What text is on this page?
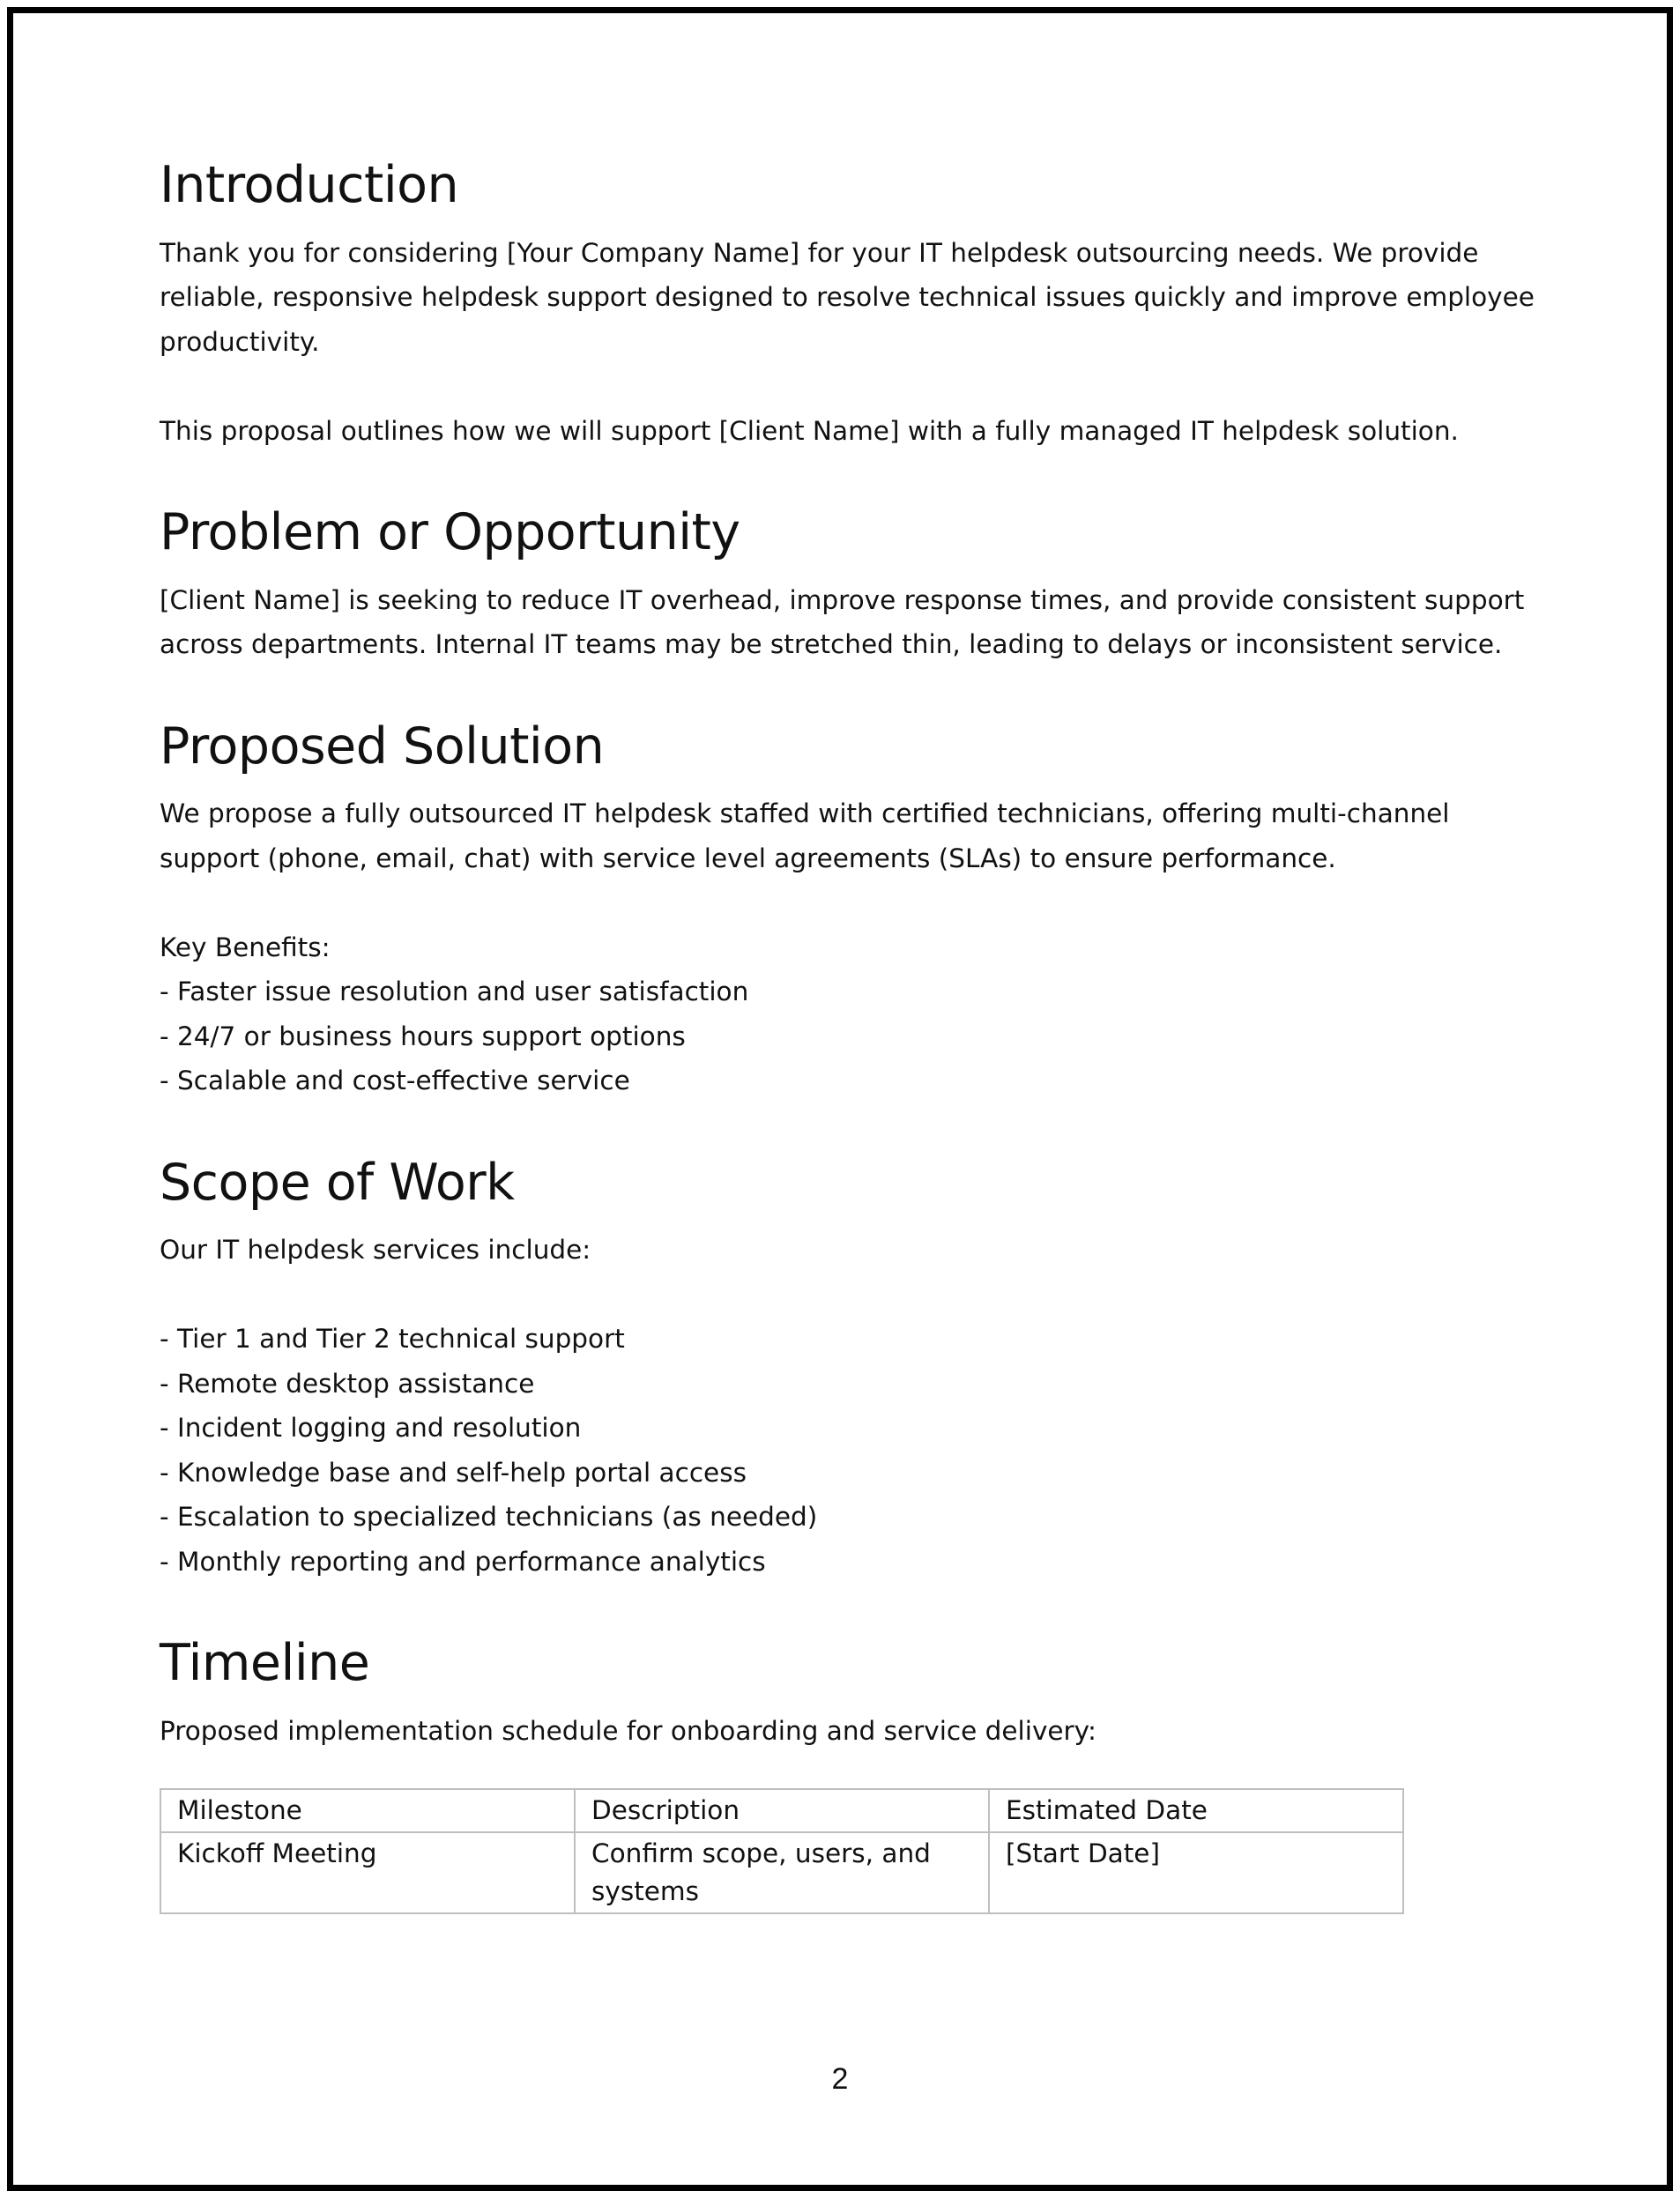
Introduction

Thank you for considering [Your Company Name] for your IT helpdesk outsourcing needs. We provide reliable, responsive helpdesk support designed to resolve technical issues quickly and improve employee productivity.

This proposal outlines how we will support [Client Name] with a fully managed IT helpdesk solution.

Problem or Opportunity

[Client Name] is seeking to reduce IT overhead, improve response times, and provide consistent support across departments. Internal IT teams may be stretched thin, leading to delays or inconsistent service.

Proposed Solution

We propose a fully outsourced IT helpdesk staffed with certified technicians, offering multi-channel support (phone, email, chat) with service level agreements (SLAs) to ensure performance.

Key Benefits:

- Faster issue resolution and user satisfaction
- 24/7 or business hours support options
- Scalable and cost-effective service
Scope of Work

Our IT helpdesk services include:

- Tier 1 and Tier 2 technical support
- Remote desktop assistance
- Incident logging and resolution
- Knowledge base and self-help portal access
- Escalation to specialized technicians (as needed)
- Monthly reporting and performance analytics
Timeline

Proposed implementation schedule for onboarding and service delivery:

Milestone	Description	Estimated Date
Kickoff Meeting	Confirm scope, users, and systems	[Start Date]
2
